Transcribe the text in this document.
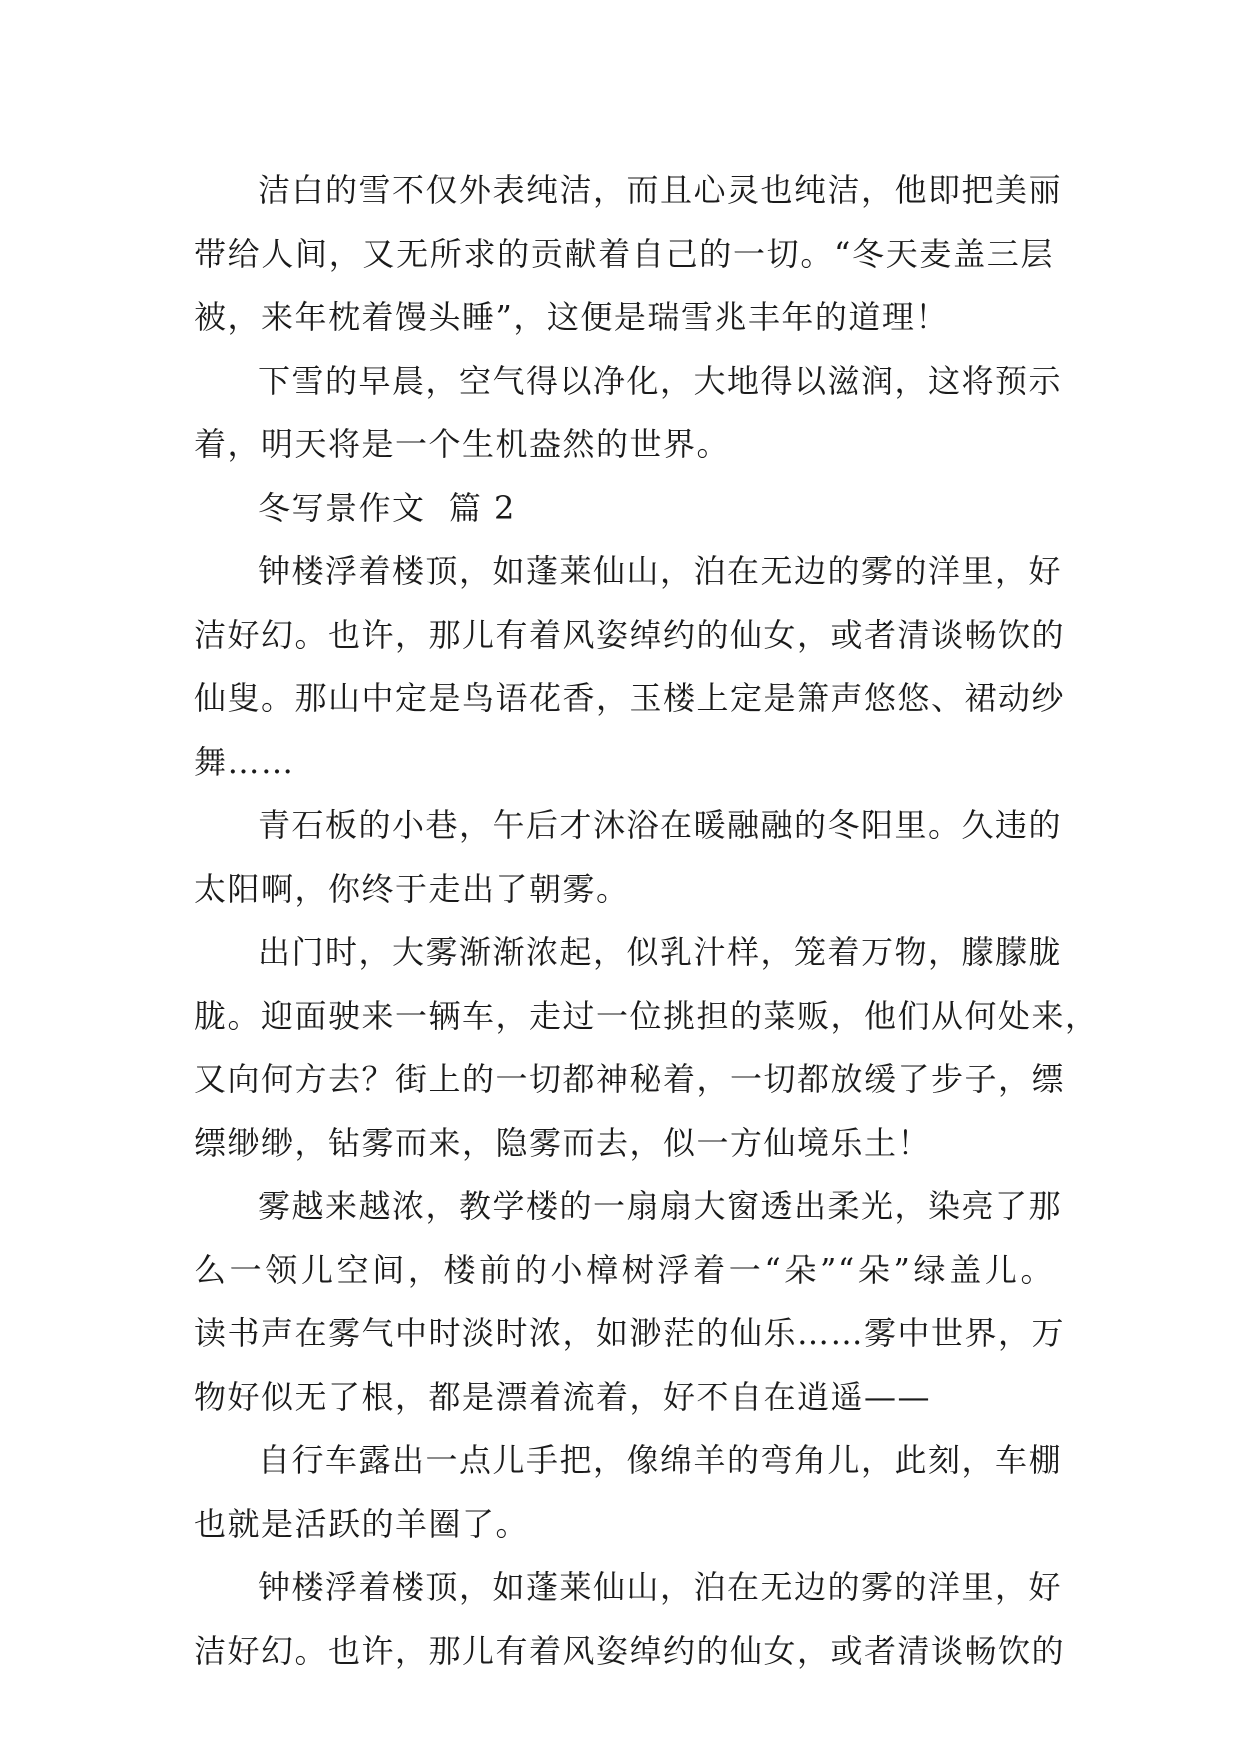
洁白的雪不仅外表纯洁，而且心灵也纯洁，他即把美丽
带给人间，又无所求的贡献着自己的一切。“冬天麦盖三层
被，来年枕着馒头睡”，这便是瑞雪兆丰年的道理！
下雪的早晨，空气得以净化，大地得以滋润，这将预示
着，明天将是一个生机盎然的世界。
冬写景作文  篇 2
钟楼浮着楼顶，如蓬莱仙山，泊在无边的雾的洋里，好
洁好幻。也许，那儿有着风姿绰约的仙女，或者清谈畅饮的
仙叟。那山中定是鸟语花香，玉楼上定是箫声悠悠、裙动纱
舞……
青石板的小巷，午后才沐浴在暖融融的冬阳里。久违的
太阳啊，你终于走出了朝雾。
出门时，大雾渐渐浓起，似乳汁样，笼着万物，朦朦胧
胧。迎面驶来一辆车，走过一位挑担的菜贩，他们从何处来，
又向何方去？街上的一切都神秘着，一切都放缓了步子，缥
缥缈缈，钻雾而来，隐雾而去，似一方仙境乐土！
雾越来越浓，教学楼的一扇扇大窗透出柔光，染亮了那
么一领儿空间，楼前的小樟树浮着一“朵”“朵”绿盖儿。
读书声在雾气中时淡时浓，如渺茫的仙乐……雾中世界，万
物好似无了根，都是漂着流着，好不自在逍遥——
自行车露出一点儿手把，像绵羊的弯角儿，此刻，车棚
也就是活跃的羊圈了。
钟楼浮着楼顶，如蓬莱仙山，泊在无边的雾的洋里，好
洁好幻。也许，那儿有着风姿绰约的仙女，或者清谈畅饮的
